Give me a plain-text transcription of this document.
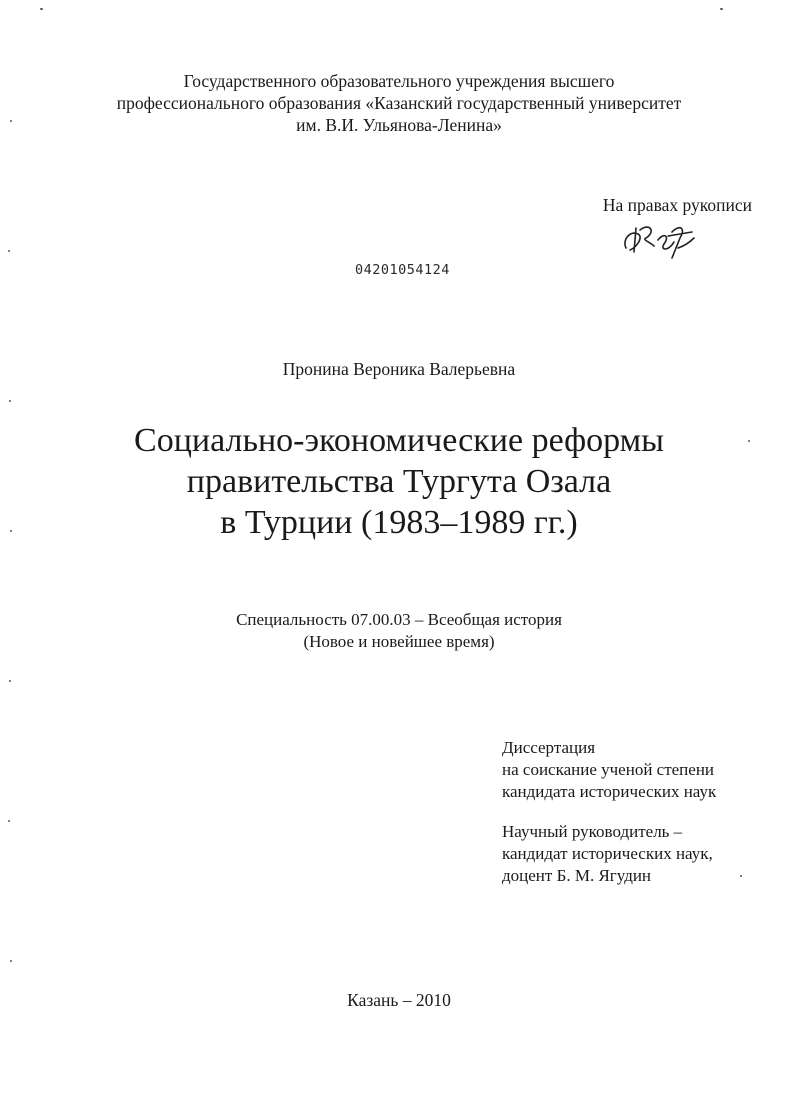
Государственного образовательного учреждения высшего
профессионального образования «Казанский государственный университет
им. В.И. Ульянова-Ленина»
На правах рукописи
04201054124
Пронина Вероника Валерьевна
Социально-экономические реформы
правительства Тургута Озала
в Турции (1983–1989 гг.)
Специальность 07.00.03 – Всеобщая история
(Новое и новейшее время)
Диссертация
на соискание ученой степени
кандидата исторических наук
Научный руководитель –
кандидат исторических наук,
доцент Б. М. Ягудин
Казань – 2010
